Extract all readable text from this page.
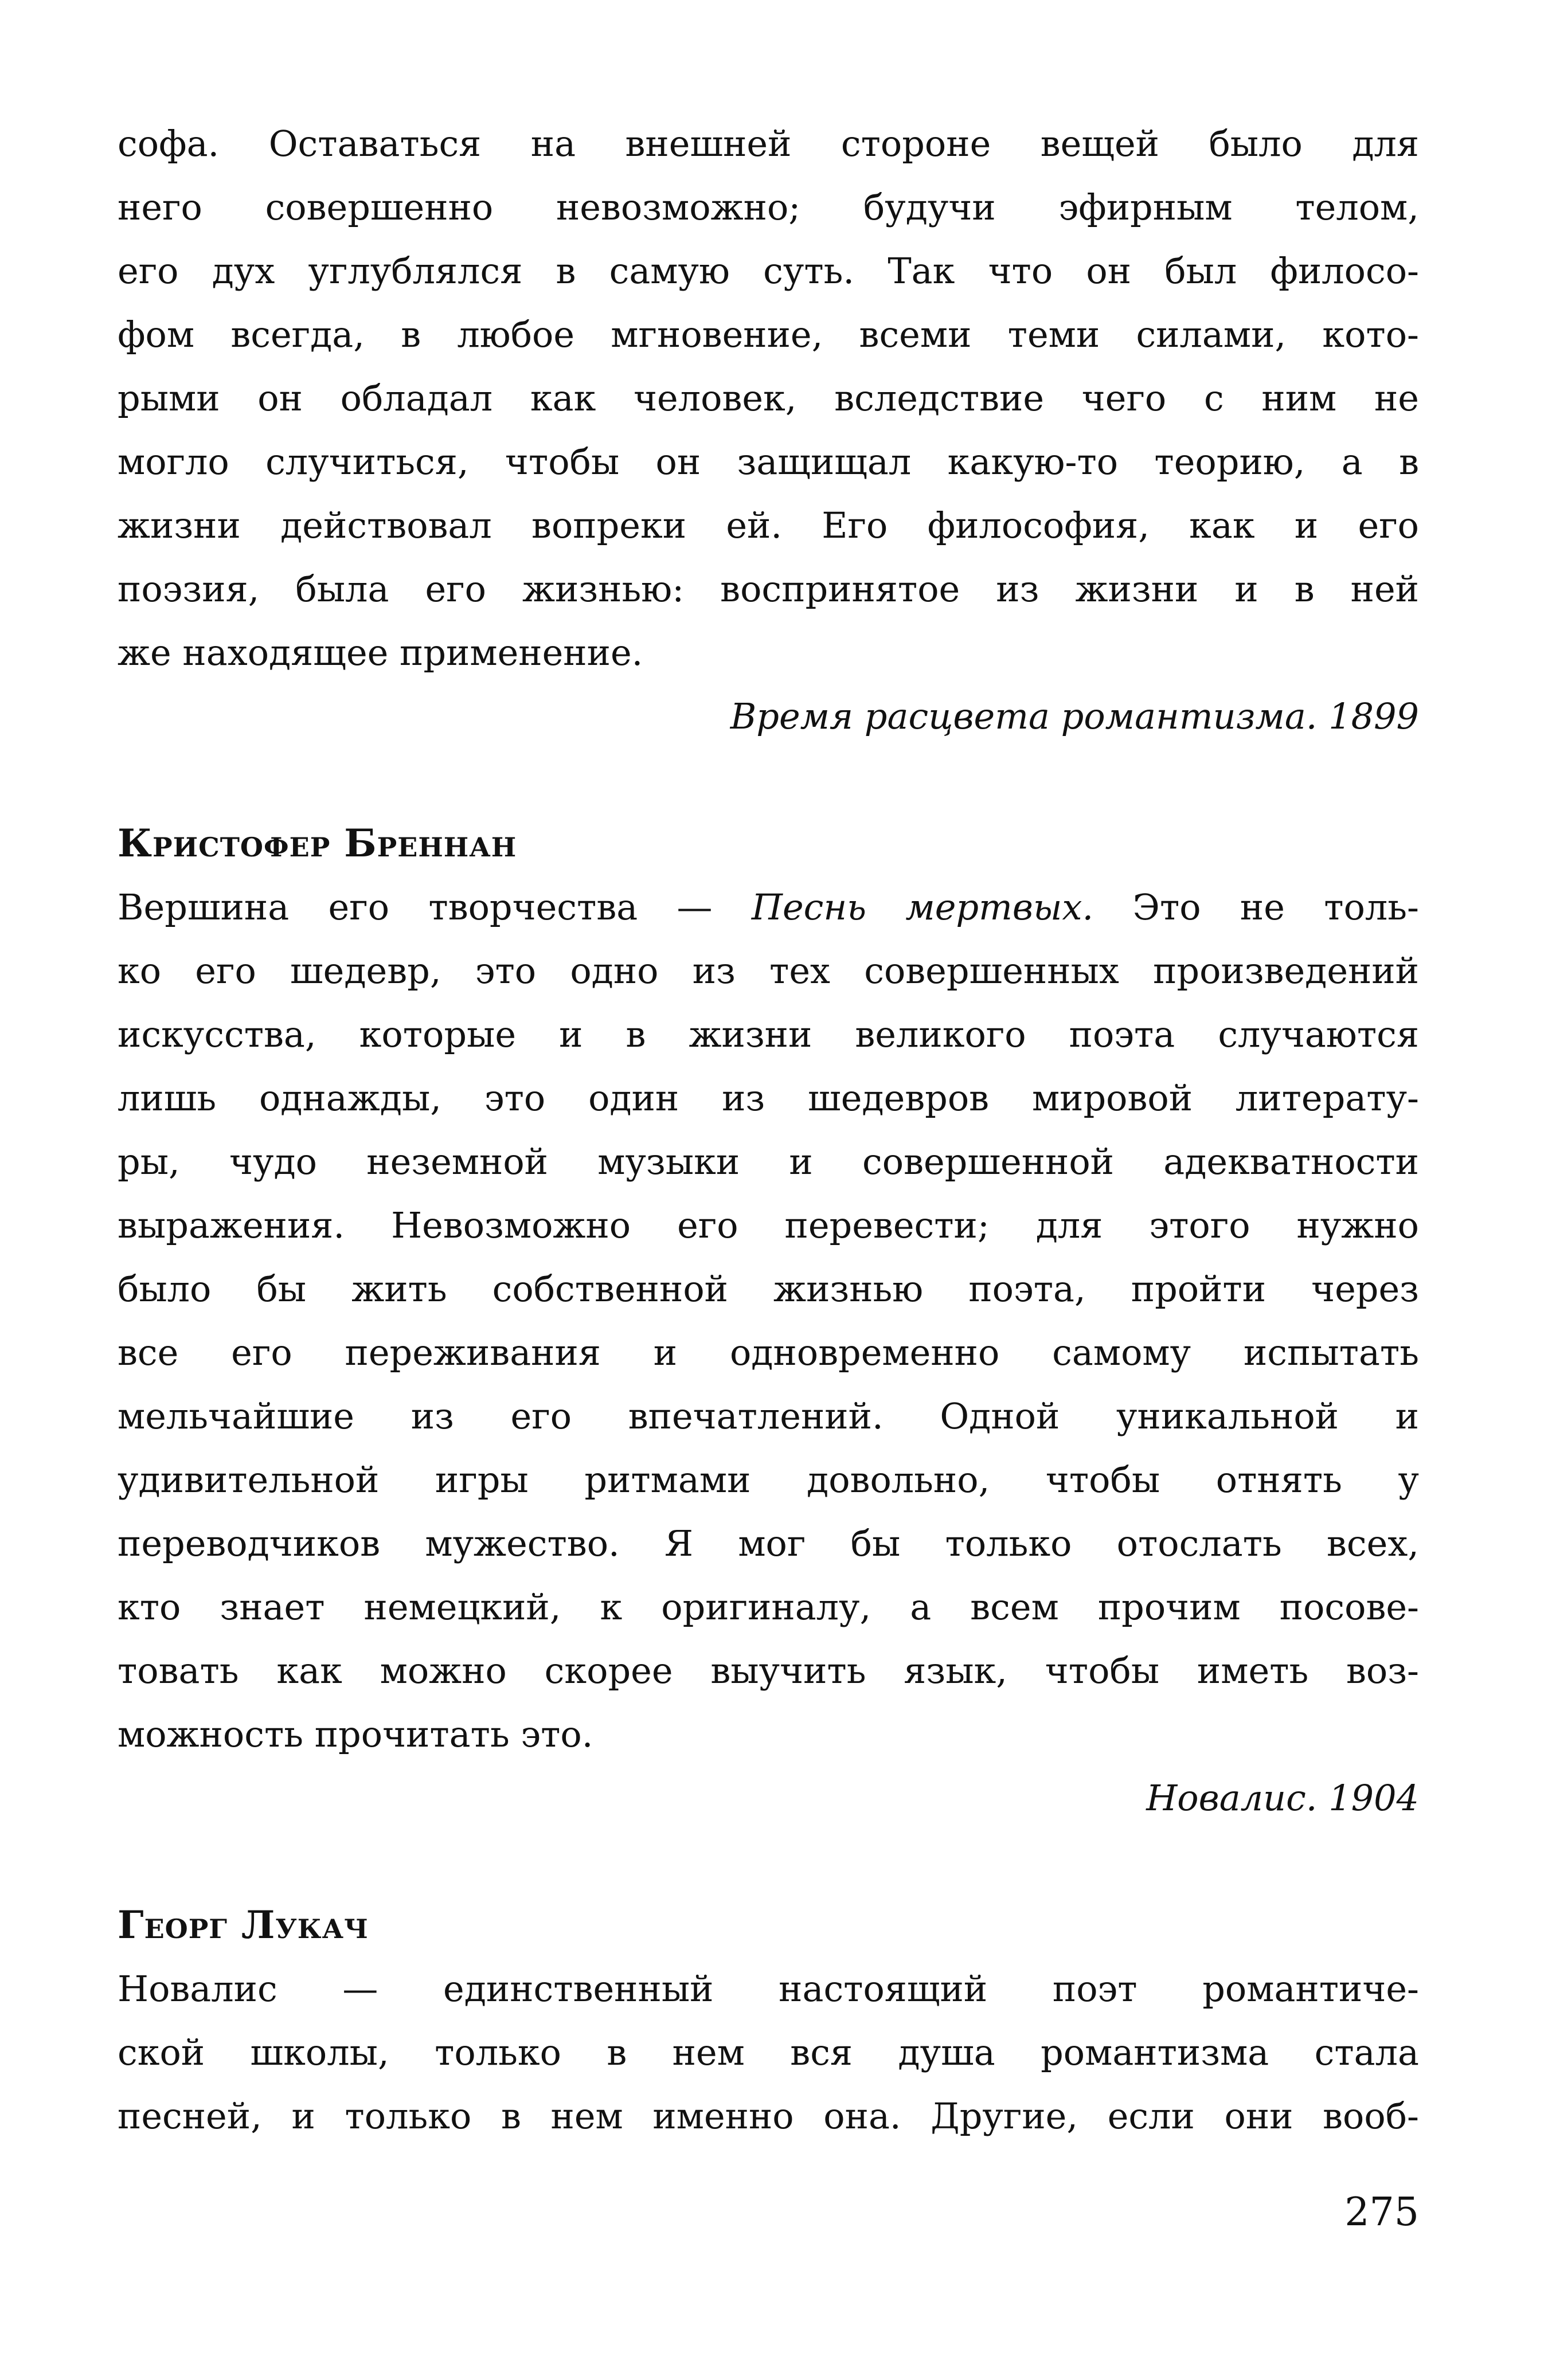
софа. Оставаться на внешней стороне вещей было для
него совершенно невозможно; будучи эфирным телом,
его дух углублялся в самую суть. Так что он был филосо-
фом всегда, в любое мгновение, всеми теми силами, кото-
рыми он обладал как человек, вследствие чего с ним не
могло случиться, чтобы он защищал какую-то теорию, а в
жизни действовал вопреки ей. Его философия, как и его
поэзия, была его жизнью: воспринятое из жизни и в ней
же находящее применение.
Время расцвета романтизма. 1899
Кристофер Бреннан
Вершина его творчества — Песнь мертвых. Это не толь-
ко его шедевр, это одно из тех совершенных произведений
искусства, которые и в жизни великого поэта случаются
лишь однажды, это один из шедевров мировой литерату-
ры, чудо неземной музыки и совершенной адекватности
выражения. Невозможно его перевести; для этого нужно
было бы жить собственной жизнью поэта, пройти через
все его переживания и одновременно самому испытать
мельчайшие из его впечатлений. Одной уникальной и
удивительной игры ритмами довольно, чтобы отнять у
переводчиков мужество. Я мог бы только отослать всех,
кто знает немецкий, к оригиналу, а всем прочим посове-
товать как можно скорее выучить язык, чтобы иметь воз-
можность прочитать это.
Новалис. 1904
Георг Лукач
Новалис — единственный настоящий поэт романтиче-
ской школы, только в нем вся душа романтизма стала
песней, и только в нем именно она. Другие, если они вооб-
275
